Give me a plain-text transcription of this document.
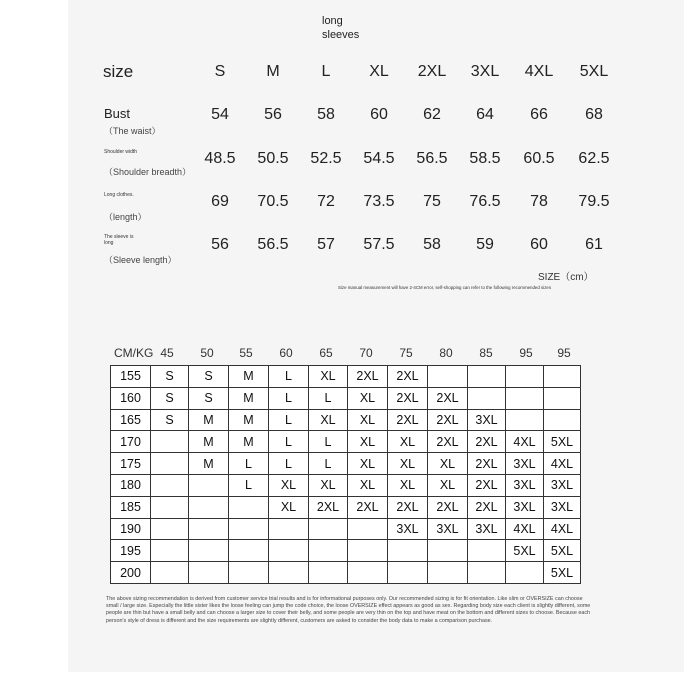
long
sleeves
size	S	M	L	XL	2XL	3XL	4XL	5XL
Bust
（The waist）
54	56	58	60	62	64	66	68
Shoulder width
（Shoulder breadth）
48.5	50.5	52.5	54.5	56.5	58.5	60.5	62.5
Long clothes.
（length）
69	70.5	72	73.5	75	76.5	78	79.5
The sleeve is long
（Sleeve length）
56	56.5	57	57.5	58	59	60	61
SIZE（cm）
Size manual measurement will have 2-4CM error, self-shopping can refer to the following recommended sizes
CM/KG 45	50	55	60	65	70	75	80	85	95	95
155	S	S	M	L	XL	2XL	2XL				
160	S	S	M	L	L	XL	2XL	2XL			
165	S	M	M	L	XL	XL	2XL	2XL	3XL		
170		M	M	L	L	XL	XL	2XL	2XL	4XL	5XL
175		M	L	L	L	XL	XL	XL	2XL	3XL	4XL
180			L	XL	XL	XL	XL	XL	2XL	3XL	3XL
185				XL	2XL	2XL	2XL	2XL	2XL	3XL	3XL
190							3XL	3XL	3XL	4XL	4XL
195										5XL	5XL
200											5XL
The above sizing recommendation is derived from customer service trial results and is for informational purposes only. Our recommended sizing is for fit orientation. Like slim or OVERSIZE can choose small / large size. Especially the little sister likes the loose feeling can jump the code choice, the loose OVERSIZE effect appears as good as sex. Regarding body size each client is slightly different, some people are thin but have a small belly and can choose a larger size to cover their belly, and some people are very thin on the top and have meat on the bottom and different sizes to choose. Because each person's style of dress is different and the size requirements are slightly different, customers are asked to consider the body data to make a comparison purchase.
